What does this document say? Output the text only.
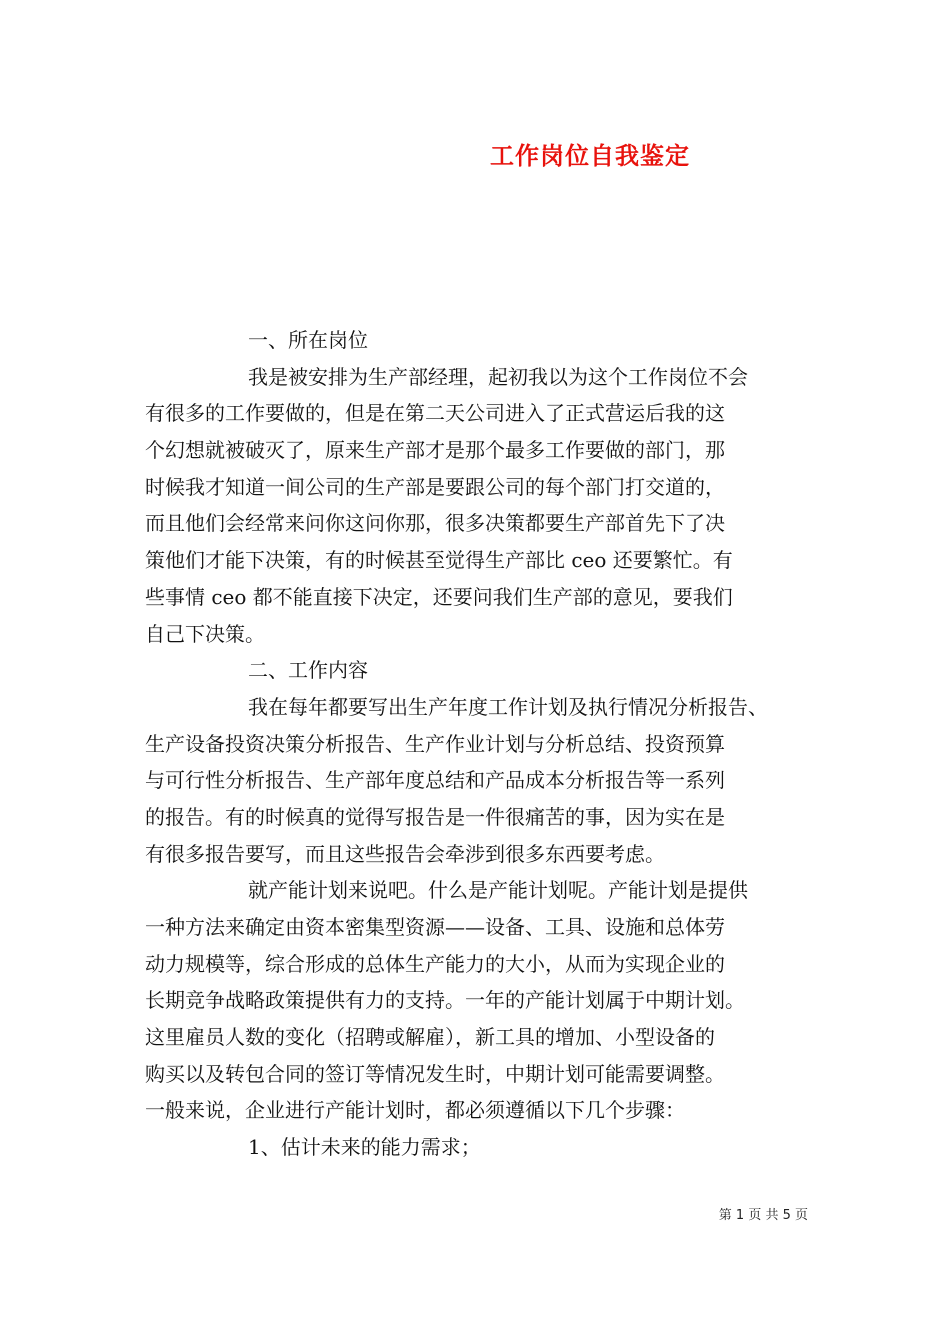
工作岗位自我鉴定
一、所在岗位
我是被安排为生产部经理，起初我以为这个工作岗位不会
有很多的工作要做的，但是在第二天公司进入了正式营运后我的这
个幻想就被破灭了，原来生产部才是那个最多工作要做的部门，那
时候我才知道一间公司的生产部是要跟公司的每个部门打交道的，
而且他们会经常来问你这问你那，很多决策都要生产部首先下了决
策他们才能下决策，有的时候甚至觉得生产部比 ceo 还要繁忙。有
些事情 ceo 都不能直接下决定，还要问我们生产部的意见，要我们
自己下决策。
二、工作内容
我在每年都要写出生产年度工作计划及执行情况分析报告、
生产设备投资决策分析报告、生产作业计划与分析总结、投资预算
与可行性分析报告、生产部年度总结和产品成本分析报告等一系列
的报告。有的时候真的觉得写报告是一件很痛苦的事，因为实在是
有很多报告要写，而且这些报告会牵涉到很多东西要考虑。
就产能计划来说吧。什么是产能计划呢。产能计划是提供
一种方法来确定由资本密集型资源——设备、工具、设施和总体劳
动力规模等，综合形成的总体生产能力的大小，从而为实现企业的
长期竞争战略政策提供有力的支持。一年的产能计划属于中期计划。
这里雇员人数的变化（招聘或解雇），新工具的增加、小型设备的
购买以及转包合同的签订等情况发生时，中期计划可能需要调整。
一般来说，企业进行产能计划时，都必须遵循以下几个步骤：
1、估计未来的能力需求；
第 1 页 共 5 页
